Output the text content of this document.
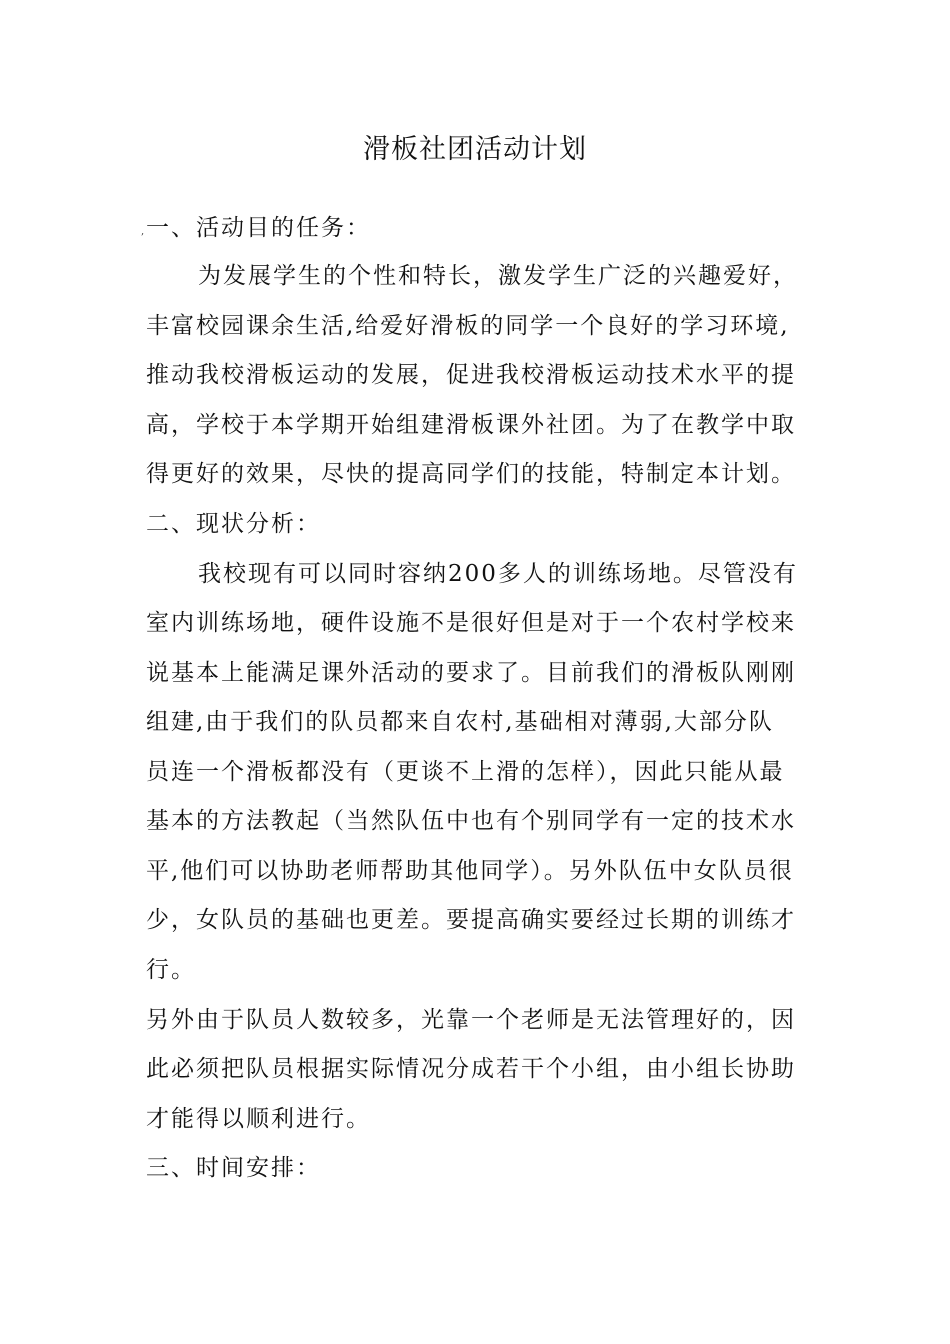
滑板社团活动计划
, 一、活动目的任务：
为发展学生的个性和特长，激发学生广泛的兴趣爱好，
丰富校园课余生活,给爱好滑板的同学一个良好的学习环境,
推动我校滑板运动的发展，促进我校滑板运动技术水平的提
高，学校于本学期开始组建滑板课外社团。为了在教学中取
得更好的效果，尽快的提高同学们的技能，特制定本计划。
二、现状分析：
我校现有可以同时容纳200多人的训练场地。尽管没有
室内训练场地，硬件设施不是很好但是对于一个农村学校来
说基本上能满足课外活动的要求了。目前我们的滑板队刚刚
组建,由于我们的队员都来自农村,基础相对薄弱,大部分队
员连一个滑板都没有（更谈不上滑的怎样），因此只能从最
基本的方法教起（当然队伍中也有个别同学有一定的技术水
平,他们可以协助老师帮助其他同学）。另外队伍中女队员很
少，女队员的基础也更差。要提高确实要经过长期的训练才
行。
另外由于队员人数较多，光靠一个老师是无法管理好的，因
此必须把队员根据实际情况分成若干个小组，由小组长协助
才能得以顺利进行。
三、时间安排：
